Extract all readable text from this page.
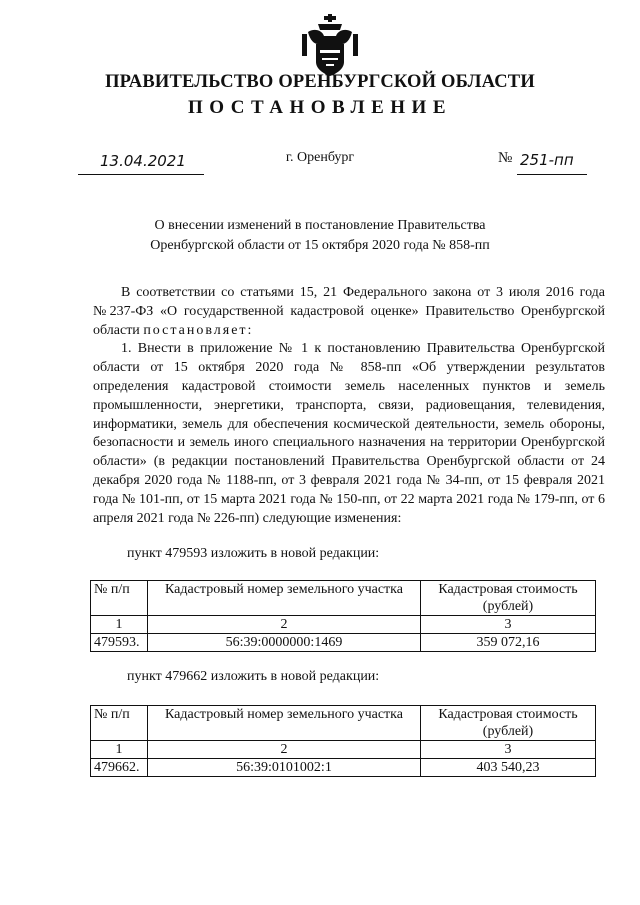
ПРАВИТЕЛЬСТВО ОРЕНБУРГСКОЙ ОБЛАСТИ
ПОСТАНОВЛЕНИЕ
13.04.2021	г. Оренбург	№ 251-пп
О внесении изменений в постановление Правительства
Оренбургской области от 15 октября 2020 года № 858-пп

В соответствии со статьями 15, 21 Федерального закона от 3 июля 2016 года №237-ФЗ «О государственной кадастровой оценке» Правительство Оренбургской области постановляет:

1. Внести в приложение № 1 к постановлению Правительства Оренбургской области от 15 октября 2020 года № 858-пп «Об утверждении результатов определения кадастровой стоимости земель населенных пунктов и земель промышленности, энергетики, транспорта, связи, радиовещания, телевидения, информатики, земель для обеспечения космической деятельности, земель обороны, безопасности и земель иного специального назначения на территории Оренбургской области» (в редакции постановлений Правительства Оренбургской области от 24 декабря 2020 года № 1188-пп, от 3 февраля 2021 года № 34-пп, от 15 февраля 2021 года № 101-пп, от 15 марта 2021 года № 150-пп, от 22 марта 2021 года № 179-пп, от 6 апреля 2021 года № 226-пп) следующие изменения:

пункт 479593 изложить в новой редакции:
№ п/п	Кадастровый номер земельного участка	Кадастровая стоимость (рублей)
1	2	3
479593.	56:39:0000000:1469	359 072,16
пункт 479662 изложить в новой редакции:
№ п/п	Кадастровый номер земельного участка	Кадастровая стоимость (рублей)
1	2	3
479662.	56:39:0101002:1	403 540,23
